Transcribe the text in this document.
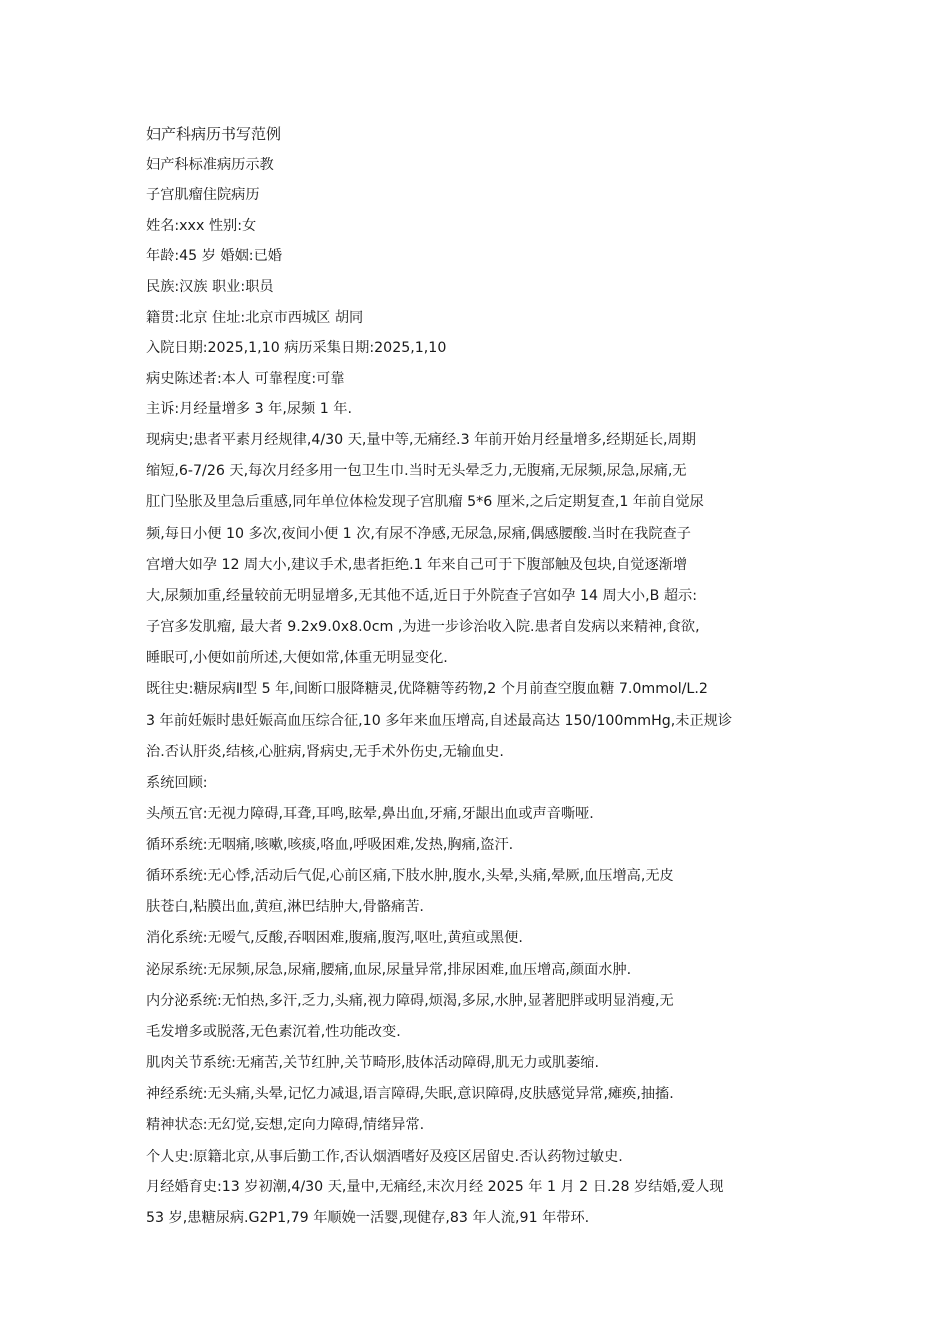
妇产科病历书写范例
妇产科标准病历示教
子宫肌瘤住院病历
姓名:xxx 性别:女
年龄:45 岁 婚姻:已婚
民族:汉族 职业:职员
籍贯:北京 住址:北京市西城区 胡同
入院日期:2025,1,10 病历采集日期:2025,1,10
病史陈述者:本人 可靠程度:可靠
主诉:月经量增多 3 年,尿频 1 年.
现病史;患者平素月经规律,4/30 天,量中等,无痛经.3 年前开始月经量增多,经期延长,周期
缩短,6-7/26 天,每次月经多用一包卫生巾.当时无头晕乏力,无腹痛,无尿频,尿急,尿痛,无
肛门坠胀及里急后重感,同年单位体检发现子宫肌瘤 5*6 厘米,之后定期复查,1 年前自觉尿
频,每日小便 10 多次,夜间小便 1 次,有尿不净感,无尿急,尿痛,偶感腰酸.当时在我院查子
宫增大如孕 12 周大小,建议手术,患者拒绝.1 年来自己可于下腹部触及包块,自觉逐渐增
大,尿频加重,经量较前无明显增多,无其他不适,近日于外院查子宫如孕 14 周大小,B 超示:
子宫多发肌瘤, 最大者 9.2x9.0x8.0cm ,为进一步诊治收入院.患者自发病以来精神,食欲,
睡眠可,小便如前所述,大便如常,体重无明显变化.
既往史:糖尿病Ⅱ型 5 年,间断口服降糖灵,优降糖等药物,2 个月前查空腹血糖 7.0mmol/L.2
3 年前妊娠时患妊娠高血压综合征,10 多年来血压增高,自述最高达 150/100mmHg,未正规诊
治.否认肝炎,结核,心脏病,肾病史,无手术外伤史,无输血史.
系统回顾:
头颅五官:无视力障碍,耳聋,耳鸣,眩晕,鼻出血,牙痛,牙龈出血或声音嘶哑.
循环系统:无咽痛,咳嗽,咳痰,咯血,呼吸困难,发热,胸痛,盗汗.
循环系统:无心悸,活动后气促,心前区痛,下肢水肿,腹水,头晕,头痛,晕厥,血压增高,无皮
肤苍白,粘膜出血,黄疸,淋巴结肿大,骨骼痛苦.
消化系统:无嗳气,反酸,吞咽困难,腹痛,腹泻,呕吐,黄疸或黑便.
泌尿系统:无尿频,尿急,尿痛,腰痛,血尿,尿量异常,排尿困难,血压增高,颜面水肿.
内分泌系统:无怕热,多汗,乏力,头痛,视力障碍,烦渴,多尿,水肿,显著肥胖或明显消瘦,无
毛发增多或脱落,无色素沉着,性功能改变.
肌肉关节系统:无痛苦,关节红肿,关节畸形,肢体活动障碍,肌无力或肌萎缩.
神经系统:无头痛,头晕,记忆力减退,语言障碍,失眠,意识障碍,皮肤感觉异常,瘫痪,抽搐.
精神状态:无幻觉,妄想,定向力障碍,情绪异常.
个人史:原籍北京,从事后勤工作,否认烟酒嗜好及疫区居留史.否认药物过敏史.
月经婚育史:13 岁初潮,4/30 天,量中,无痛经,末次月经 2025 年 1 月 2 日.28 岁结婚,爱人现
53 岁,患糖尿病.G2P1,79 年顺娩一活婴,现健存,83 年人流,91 年带环.
